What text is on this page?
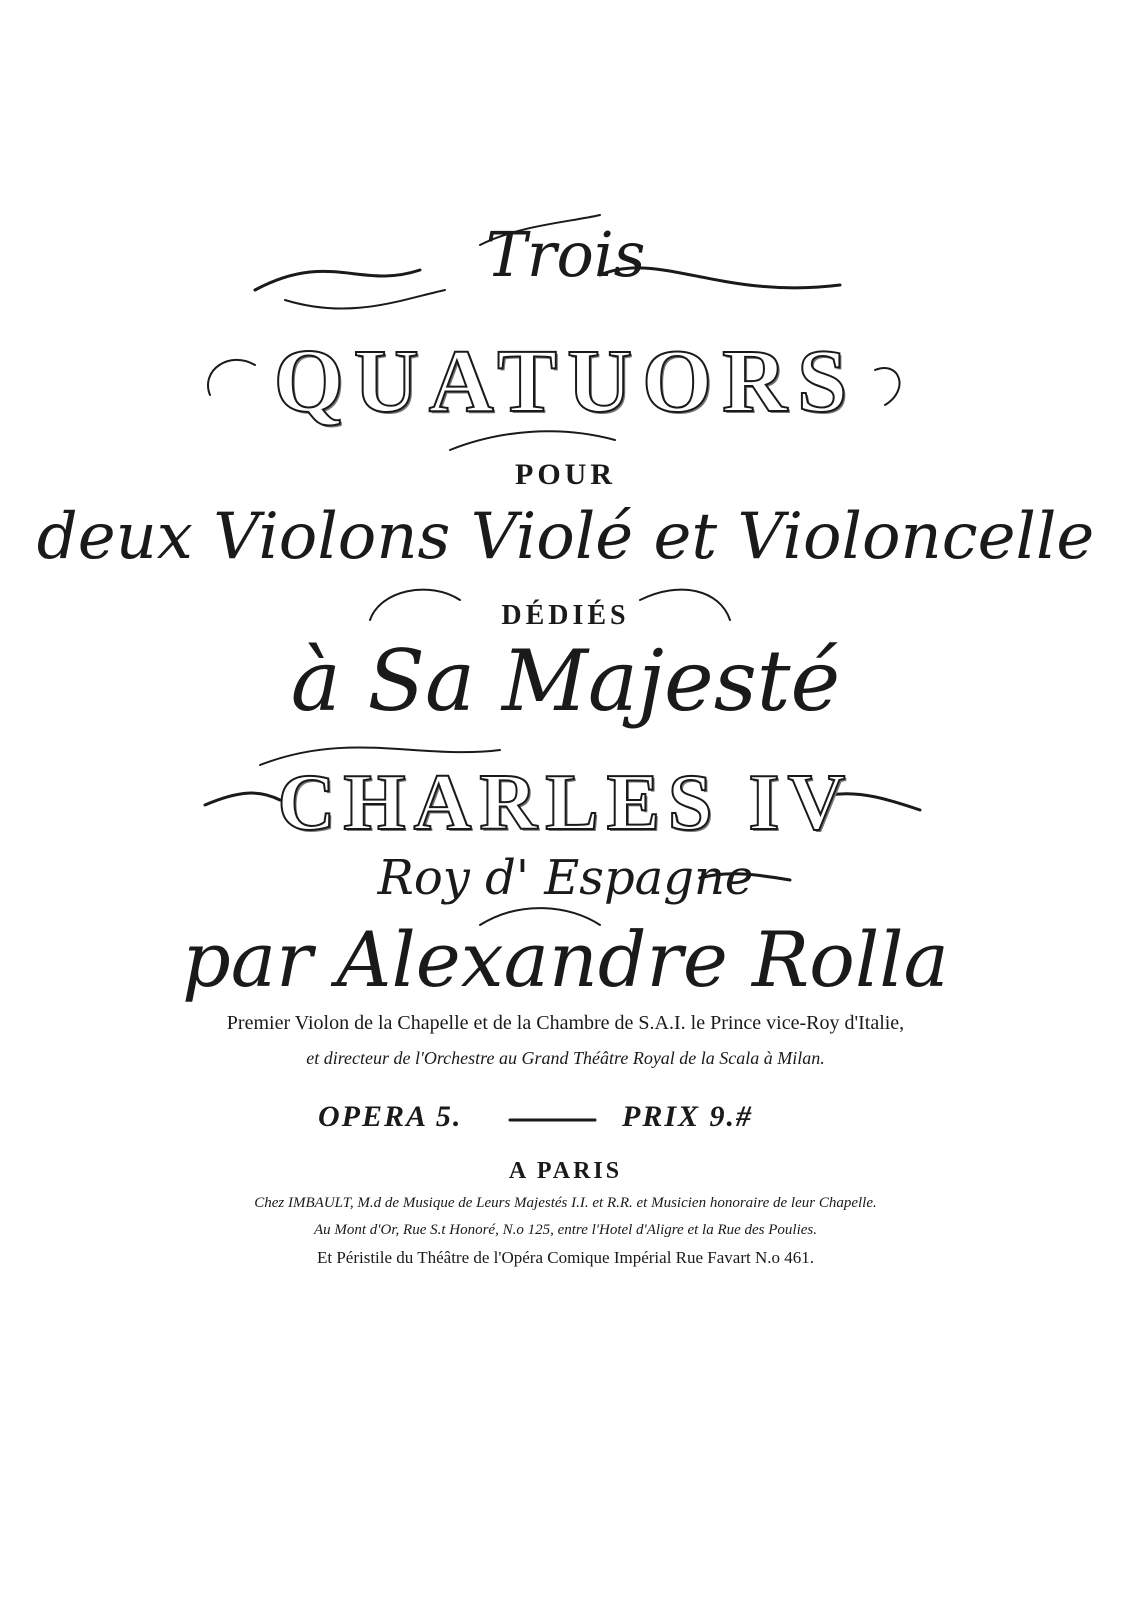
Trois
QUATUORS
POUR
deux Violons Violé et Violoncelle
DÉDIÉS
à Sa Majesté
CHARLES IV
Roy d' Espagne
par Alexandre Rolla
Premier Violon de la Chapelle et de la Chambre de S.A.I. le Prince vice-Roy d'Italie,
et directeur de l'Orchestre au Grand Théâtre Royal de la Scala à Milan.
OPERA 5.	PRIX 9.#
A PARIS
Chez IMBAULT, M.d de Musique de Leurs Majestés I.I. et R.R. et Musicien honoraire de leur Chapelle.
Au Mont d'Or, Rue S.t Honoré, N.o 125, entre l'Hotel d'Aligre et la Rue des Poulies.
Et Péristile du Théâtre de l'Opéra Comique Impérial Rue Favart N.o 461.
